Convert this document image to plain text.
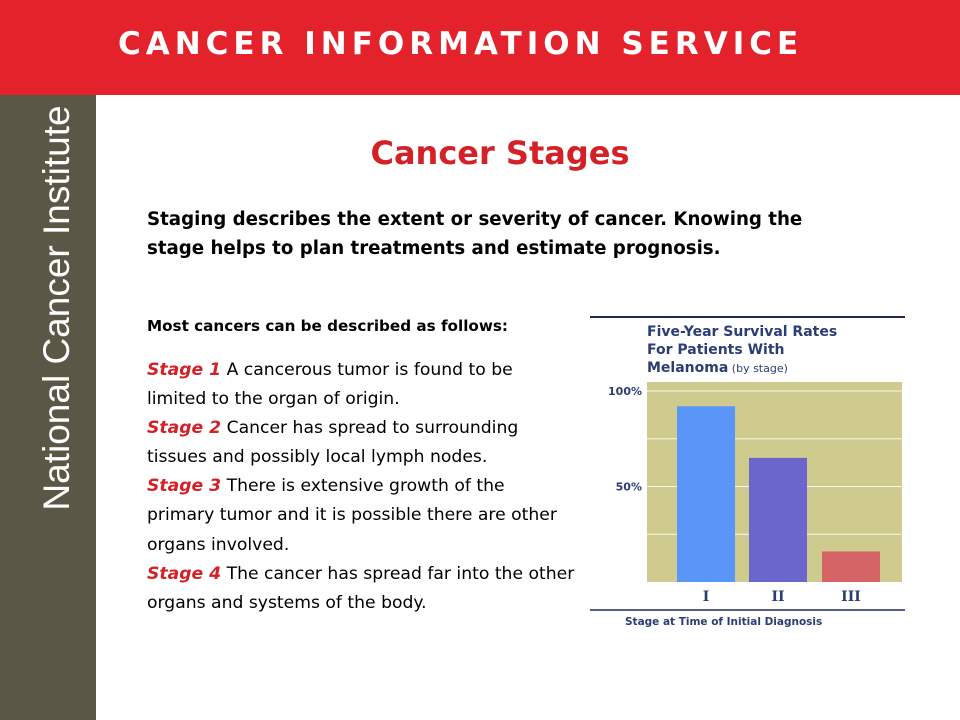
CANCER INFORMATION SERVICE
National Cancer Institute	Cancer Stages

Staging describes the extent or severity of cancer. Knowing the stage helps to plan treatments and estimate prognosis.

Most cancers can be described as follows:

Stage 1 A cancerous tumor is found to be limited to the organ of origin.
Stage 2 Cancer has spread to surrounding tissues and possibly local lymph nodes.
Stage 3 There is extensive growth of the primary tumor and it is possible there are other organs involved.
Stage 4 The cancer has spread far into the other organs and systems of the body.
Five-Year Survival Rates
For Patients With
Melanoma (by stage)
100%
50%
I	II	III
Stage at Time of Initial Diagnosis
